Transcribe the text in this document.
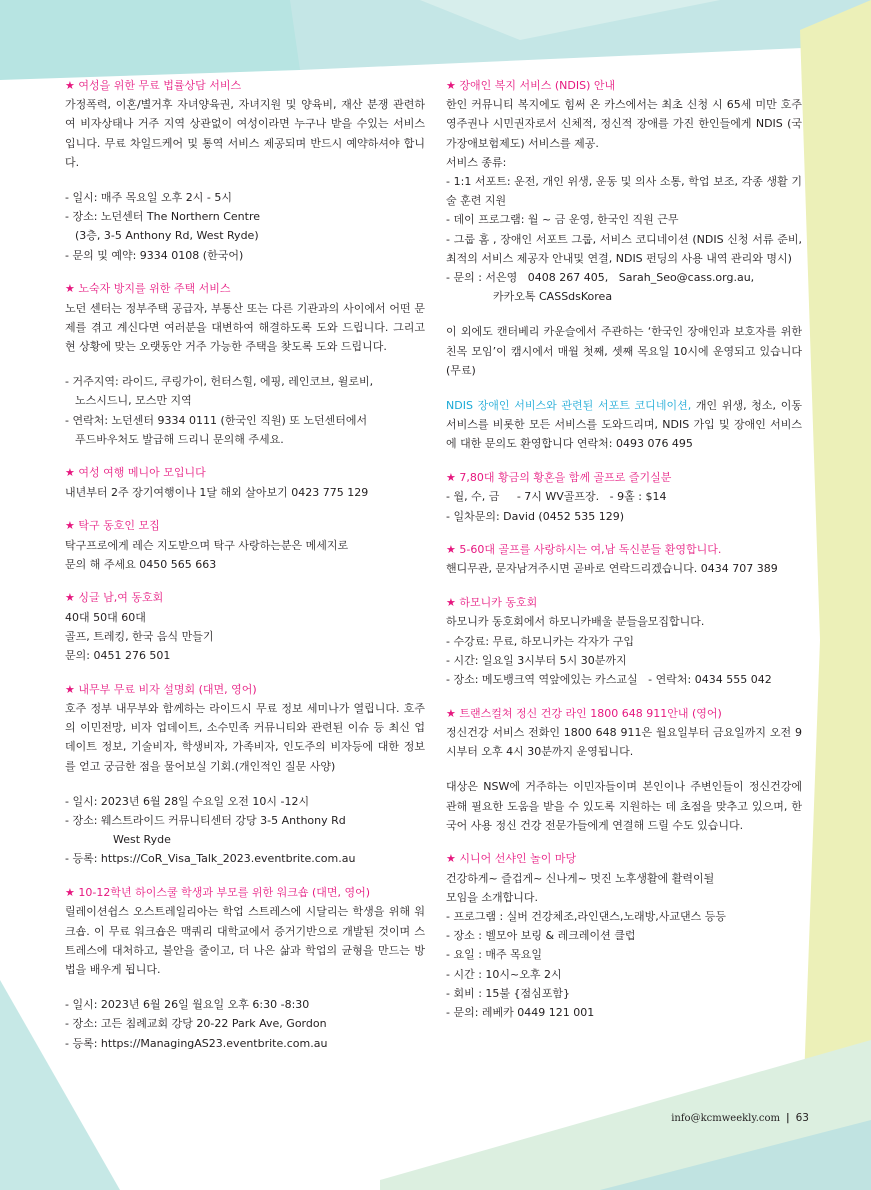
★ 여성을 위한 무료 법률상담 서비스
가정폭력, 이혼/별거후 자녀양육권, 자녀지원 및 양육비, 재산 분쟁 관련하여 비자상태나 거주 지역 상관없이 여성이라면 누구나 받을 수있는 서비스입니다. 무료 차일드케어 및 통역 서비스 제공되며 반드시 예약하셔야 합니다.
- 일시: 매주 목요일 오후 2시 - 5시
- 장소: 노던센터 The Northern Centre
(3층, 3-5 Anthony Rd, West Ryde)
- 문의 및 예약: 9334 0108 (한국어)
★ 노숙자 방지를 위한 주택 서비스
노던 센터는 정부주택 공급자, 부통산 또는 다른 기관과의 사이에서 어떤 문제를 겪고 계신다면 여러분을 대변하여 해결하도록 도와 드립니다. 그리고 현 상황에 맞는 오랫동안 거주 가능한 주택을 찾도록 도와 드립니다.
- 거주지역: 라이드, 쿠링가이, 헌터스힐, 에핑, 레인코브, 윌로비,
노스시드니, 모스만 지역
- 연락처: 노던센터 9334 0111 (한국인 직원) 또 노던센터에서
푸드바우처도 발급해 드리니 문의해 주세요.
★ 여성 여행 메니아 모입니다
내년부터 2주 장기여행이나 1달 해외 살아보기 0423 775 129
★ 탁구 동호인 모집
탁구프로에게 레슨 지도받으며 탁구 사랑하는분은 메세지로
문의 해 주세요 0450 565 663
★ 싱글 남,여 동호회
40대 50대 60대
골프, 트레킹, 한국 음식 만들기
문의: 0451 276 501
★ 내무부 무료 비자 설명회 (대면, 영어)
호주 정부 내무부와 함께하는 라이드시 무료 정보 세미나가 열립니다. 호주의 이민전망, 비자 업데이트, 소수민족 커뮤니티와 관련된 이슈 등 최신 업데이트 정보, 기술비자, 학생비자, 가족비자, 인도주의 비자등에 대한 정보를 얻고 궁금한 점을 물어보실 기회.(개인적인 질문 사양)
- 일시: 2023년 6월 28일 수요일 오전 10시 -12시
- 장소: 웨스트라이드 커뮤니티센터 강당 3-5 Anthony Rd
West Ryde
- 등록: https://CoR_Visa_Talk_2023.eventbrite.com.au
★ 10-12학년 하이스쿨 학생과 부모를 위한 워크숍 (대면, 영어)
릴레이션쉽스 오스트레일리아는 학업 스트레스에 시달리는 학생을 위해 워크숍. 이 무료 워크숍은 맥쿼리 대학교에서 증거기반으로 개발된 것이며 스트레스에 대처하고, 불안을 줄이고, 더 나은 삶과 학업의 균형을 만드는 방법을 배우게 됩니다.
- 일시: 2023년 6월 26일 월요일 오후 6:30 -8:30
- 장소: 고든 침례교회 강당 20-22 Park Ave, Gordon
- 등록: https://ManagingAS23.eventbrite.com.au
★ 장애인 복지 서비스 (NDIS) 안내
한인 커뮤니티 복지에도 힘써 온 카스에서는 최초 신청 시 65세 미만 호주 영주권나 시민권자로서 신체적, 정신적 장애를 가진 한인들에게 NDIS (국가장애보험제도) 서비스를 제공.
서비스 종류:
- 1:1 서포트: 운전, 개인 위생, 운동 및 의사 소통, 학업 보조, 각종 생활 기술 훈련 지원
- 데이 프로그램: 월 ~ 금 운영, 한국인 직원 근무
- 그룹 홈 , 장애인 서포트 그룹, 서비스 코디네이션 (NDIS 신청 서류 준비, 최적의 서비스 제공자 안내및 연결, NDIS 펀딩의 사용 내역 관리와 명시)
- 문의 : 서은영   0408 267 405,   Sarah_Seo@cass.org.au,
카카오톡 CASSdsKorea
이 외에도 캔터베리 카운슬에서 주관하는 ‘한국인 장애인과 보호자를 위한 친목 모임’이 캠시에서 매월 첫째, 셋째 목요일 10시에 운영되고 있습니다(무료)
NDIS 장애인 서비스와 관련된 서포트 코디네이션, 개인 위생, 청소, 이동 서비스를 비롯한 모든 서비스를 도와드리며, NDIS 가입 및 장애인 서비스에 대한 문의도 환영합니다 연락처: 0493 076 495
★ 7,80대 황금의 황혼을 함께 골프로 즐기실분
- 월, 수, 금     - 7시 WV골프장.   - 9홀 : $14
- 일차문의: David (0452 535 129)
★ 5-60대 골프를 사랑하시는 여,남 독신분들 환영합니다.
핸디무관, 문자남겨주시면 곧바로 연락드리겠습니다. 0434 707 389
★ 하모니카 동호회
하모니카 동호회에서 하모니카배울 분들을모집합니다.
- 수강료: 무료, 하모니카는 각자가 구입
- 시간: 일요일 3시부터 5시 30분까지
- 장소: 메도뱅크역 역앞에있는 카스교실   - 연락처: 0434 555 042
★ 트랜스컬쳐 정신 건강 라인 1800 648 911안내 (영어)
정신건강 서비스 전화인 1800 648 911은 월요일부터 금요일까지 오전 9시부터 오후 4시 30분까지 운영됩니다.
대상은 NSW에 거주하는 이민자들이며 본인이나 주변인들이 정신건강에 관해 필요한 도움을 받을 수 있도록 지원하는 데 초점을 맞추고 있으며, 한국어 사용 정신 건강 전문가들에게 연결해 드릴 수도 있습니다.
★ 시니어 선샤인 놀이 마당
건강하게~ 즐겁게~ 신나게~ 멋진 노후생활에 활력이될
모임을 소개합니다.
- 프로그램 : 실버 건강체조,라인댄스,노래방,사교댄스 등등
- 장소 : 벨모아 보링 & 레크레이션 클럽
- 요일 : 매주 목요일
- 시간 : 10시~오후 2시
- 회비 : 15불 {점심포함}
- 문의: 레베카 0449 121 001
info@kcmweekly.com | 63
